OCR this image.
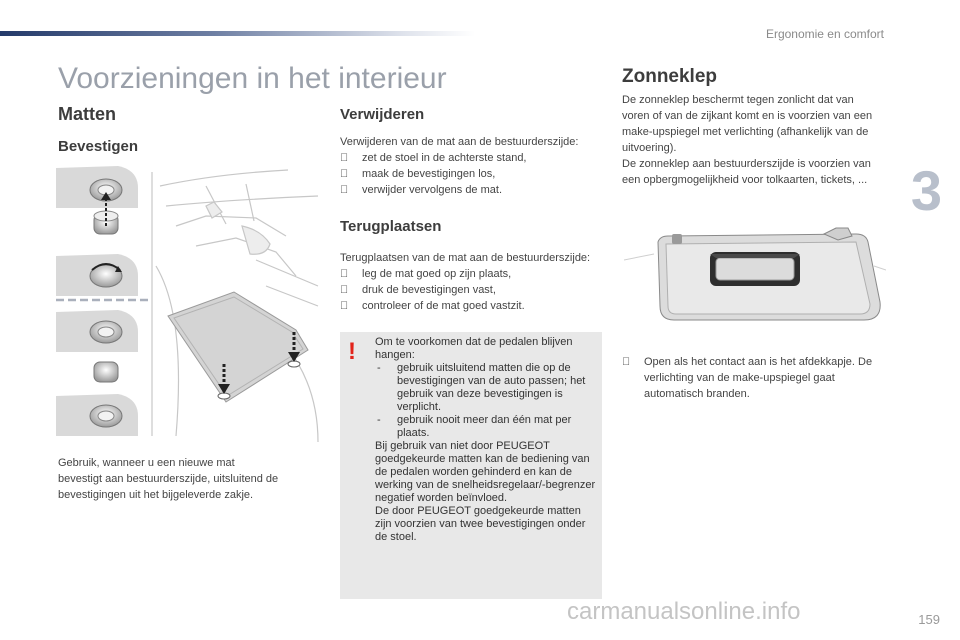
Ergonomie en comfort
3
159
Voorzieningen in het interieur
Matten
Bevestigen

Gebruik, wanneer u een nieuwe mat

bevestigt aan bestuurderszijde, uitsluitend de

bevestigingen uit het bijgeleverde zakje.

Verwijderen

Verwijderen van de mat aan de bestuurderszijde:

zet de stoel in de achterste stand,
maak de bevestigingen los,
verwijder vervolgens de mat.
Terugplaatsen

Terugplaatsen van de mat aan de bestuurderszijde:

leg de mat goed op zijn plaats,
druk de bevestigingen vast,
controleer of de mat goed vastzit.
! Om te voorkomen dat de pedalen blijven hangen:
- gebruik uitsluitend matten die op de bevestigingen van de auto passen; het gebruik van deze bevestigingen is verplicht.
- gebruik nooit meer dan één mat per plaats.
Bij gebruik van niet door PEUGEOT goedgekeurde matten kan de bediening van de pedalen worden gehinderd en kan de werking van de snelheidsregelaar/-begrenzer negatief worden beïnvloed.
De door PEUGEOT goedgekeurde matten zijn voorzien van twee bevestigingen onder de stoel.
Zonneklep

De zonneklep beschermt tegen zonlicht dat van

voren of van de zijkant komt en is voorzien van een

make-upspiegel met verlichting (afhankelijk van de

uitvoering).

De zonneklep aan bestuurderszijde is voorzien van

een opbergmogelijkheid voor tolkaarten, tickets, ...

Open als het contact aan is het afdekkapje. De verlichting van de make-upspiegel gaat automatisch branden.
carmanualsonline.info
